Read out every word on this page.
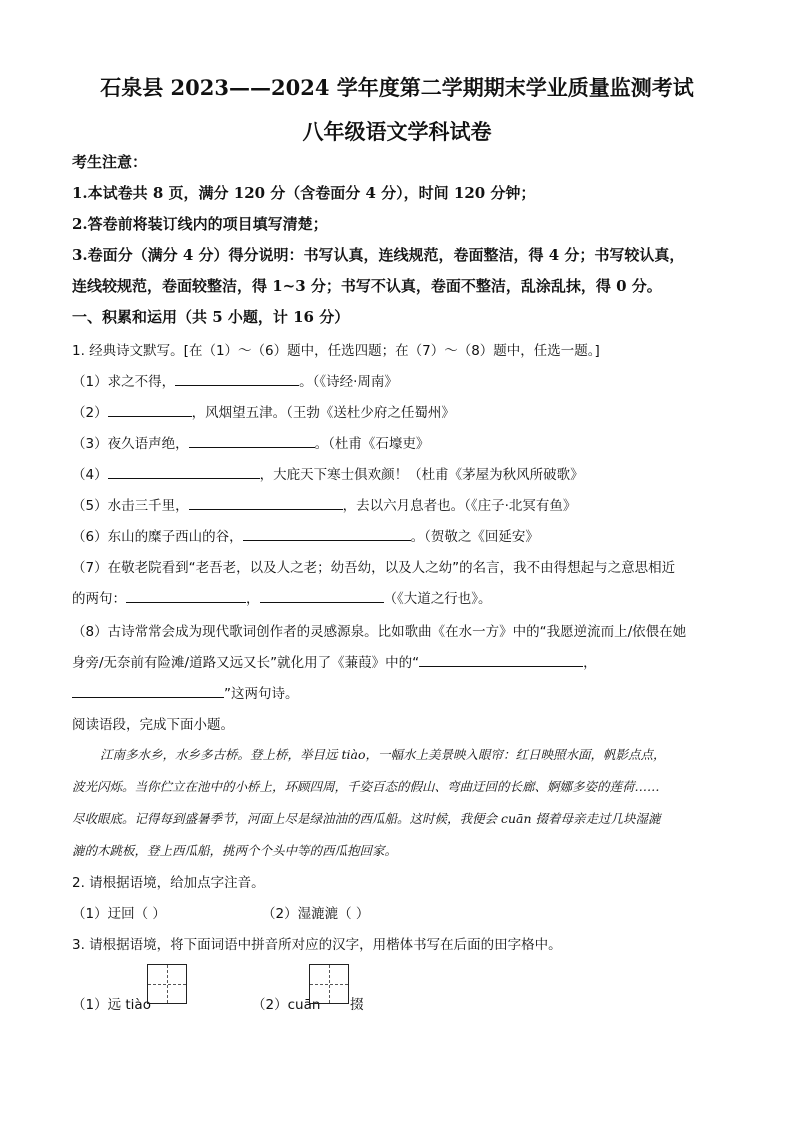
石泉县 2023——2024 学年度第二学期期末学业质量监测考试
八年级语文学科试卷
考生注意：
1.本试卷共 8 页，满分 120 分（含卷面分 4 分），时间 120 分钟；
2.答卷前将装订线内的项目填写清楚；
3.卷面分（满分 4 分）得分说明：书写认真，连线规范，卷面整洁，得 4 分；书写较认真，
连线较规范，卷面较整洁，得 1~3 分；书写不认真，卷面不整洁，乱涂乱抹，得 0 分。
一、积累和运用（共 5 小题，计 16 分）
1. 经典诗文默写。[在（1）～（6）题中，任选四题；在（7）～（8）题中，任选一题。]
（1）求之不得，	。（《诗经·周南》
（2）	，风烟望五津。（王勃《送杜少府之任蜀州》
（3）夜久语声绝，	。（杜甫《石壕吏》
（4）	，大庇天下寒士俱欢颜！（杜甫《茅屋为秋风所破歌》
（5）水击三千里，	，去以六月息者也。（《庄子·北冥有鱼》
（6）东山的糜子西山的谷，	。（贺敬之《回延安》
（7）在敬老院看到“老吾老，以及人之老；幼吾幼，以及人之幼”的名言，我不由得想起与之意思相近
的两句：	，	（《大道之行也》。
（8）古诗常常会成为现代歌词创作者的灵感源泉。比如歌曲《在水一方》中的“我愿逆流而上/依偎在她
身旁/无奈前有险滩/道路又远又长”就化用了《蒹葭》中的“	，
”这两句诗。
阅读语段，完成下面小题。
江南多水乡，水乡多古桥。登上桥，举目远 tiào，一幅水上美景映入眼帘：红日映照水面，帆影点点，
波光闪烁。当你伫立在池中的小桥上，环顾四周，千姿百态的假山、弯曲迂回的长廊、婀娜多姿的莲荷……
尽收眼底。记得每到盛暑季节，河面上尽是绿油油的西瓜船。这时候，我便会 cuān 掇着母亲走过几块湿漉
漉的木跳板，登上西瓜船，挑两个个头中等的西瓜抱回家。
2. 请根据语境，给加点字注音。
（1）迂回（ ）	（2）湿漉漉（ ）
3. 请根据语境，将下面词语中拼音所对应的汉字，用楷体书写在后面的田字格中。
（1）远 tiào	（2）cuān 掇
